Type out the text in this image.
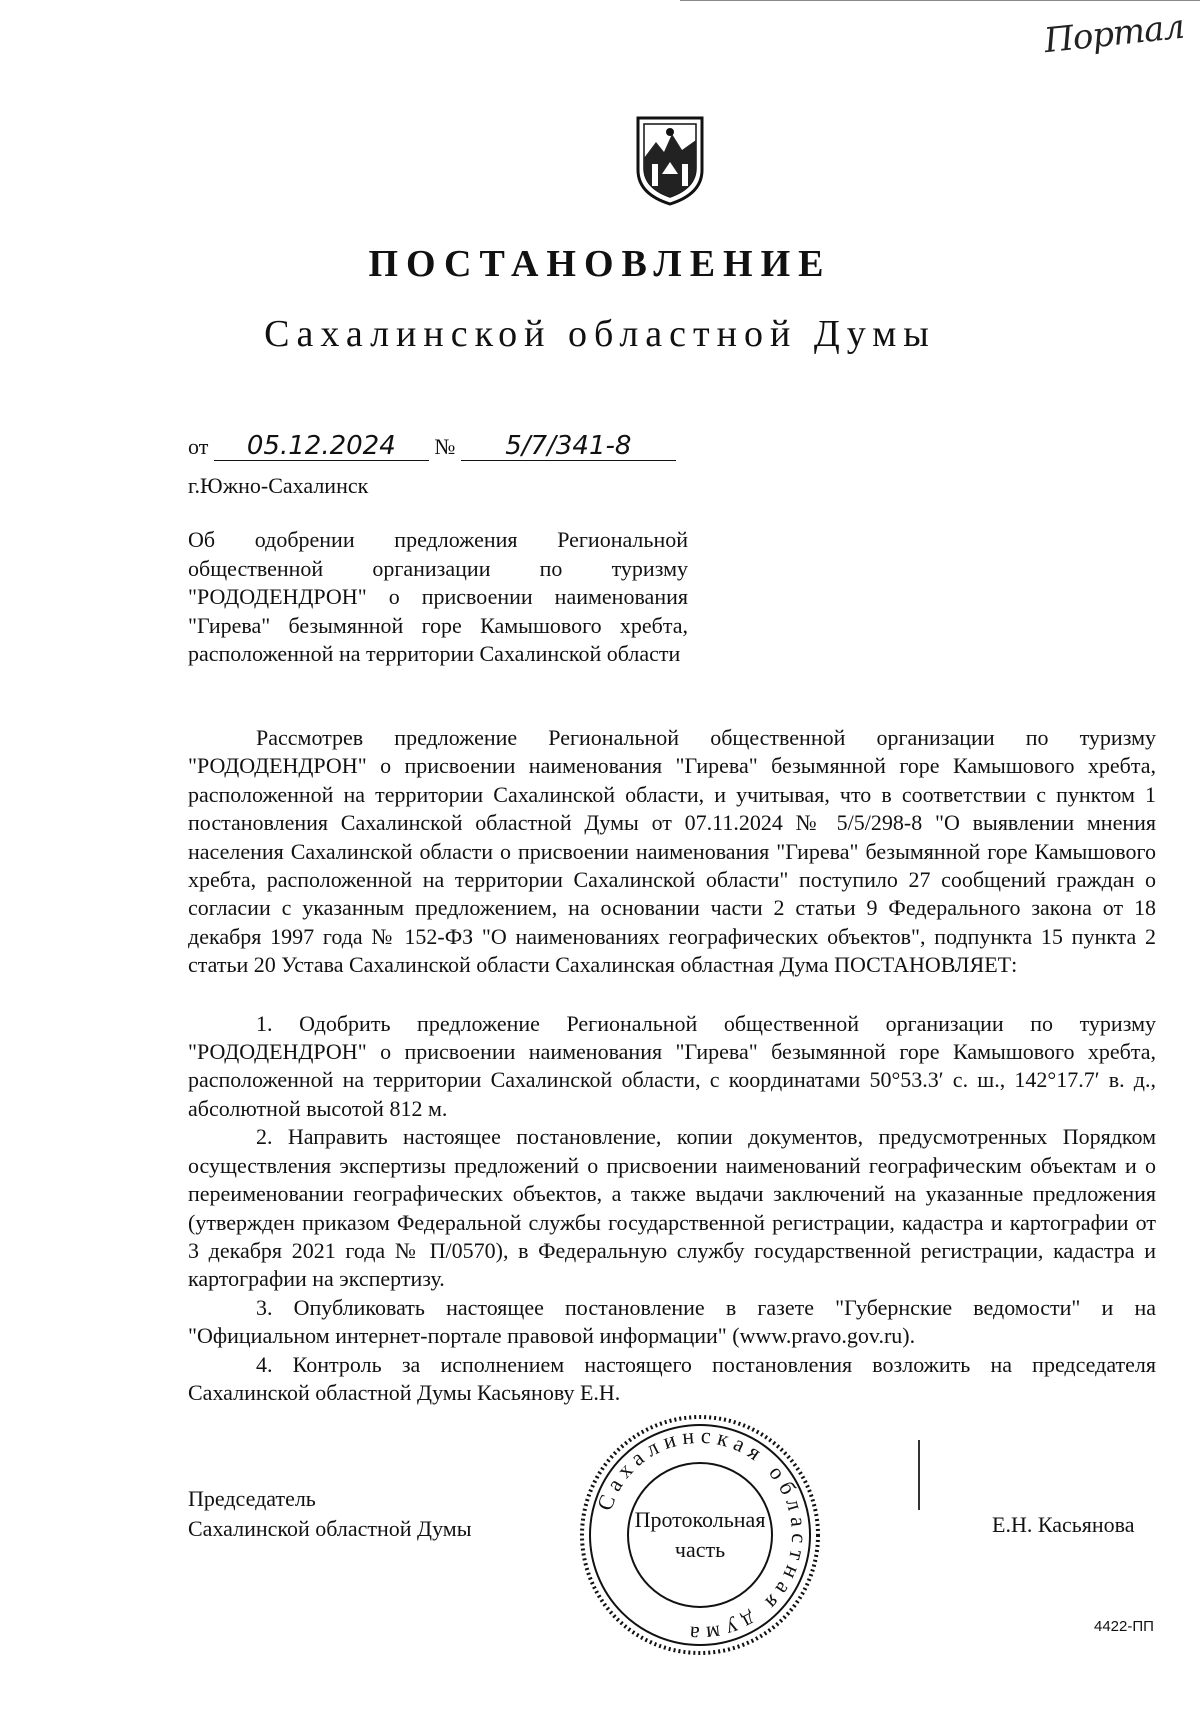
Портал
ПОСТАНОВЛЕНИЕ
Сахалинской областной Думы
от 05.12.2024 № 5/7/341-8
г.Южно-Сахалинск
Об одобрении предложения Региональной общественной организации по туризму "РОДОДЕНДРОН" о присвоении наименования "Гирева" безымянной горе Камышового хребта, расположенной на территории Сахалинской области

Рассмотрев предложение Региональной общественной организации по туризму "РОДОДЕНДРОН" о присвоении наименования "Гирева" безымянной горе Камышового хребта, расположенной на территории Сахалинской области, и учитывая, что в соответствии с пунктом 1 постановления Сахалинской областной Думы от 07.11.2024 № 5/5/298-8 "О выявлении мнения населения Сахалинской области о присвоении наименования "Гирева" безымянной горе Камышового хребта, расположенной на территории Сахалинской области" поступило 27 сообщений граждан о согласии с указанным предложением, на основании части 2 статьи 9 Федерального закона от 18 декабря 1997 года № 152-ФЗ "О наименованиях географических объектов", подпункта 15 пункта 2 статьи 20 Устава Сахалинской области Сахалинская областная Дума ПОСТАНОВЛЯЕТ:

1. Одобрить предложение Региональной общественной организации по туризму "РОДОДЕНДРОН" о присвоении наименования "Гирева" безымянной горе Камышового хребта, расположенной на территории Сахалинской области, с координатами 50°53.3′ с. ш., 142°17.7′ в. д., абсолютной высотой 812 м.

2. Направить настоящее постановление, копии документов, предусмотренных Порядком осуществления экспертизы предложений о присвоении наименований географическим объектам и о переименовании географических объектов, а также выдачи заключений на указанные предложения (утвержден приказом Федеральной службы государственной регистрации, кадастра и картографии от 3 декабря 2021 года № П/0570), в Федеральную службу государственной регистрации, кадастра и картографии на экспертизу.

3. Опубликовать настоящее постановление в газете "Губернские ведомости" и на "Официальном интернет-портале правовой информации" (www.pravo.gov.ru).

4. Контроль за исполнением настоящего постановления возложить на председателя Сахалинской областной Думы Касьянову Е.Н.

Председатель
Сахалинской областной Думы
Сахалинская областная дума
Протокольная
часть
Е.Н. Касьянова
4422-ПП
